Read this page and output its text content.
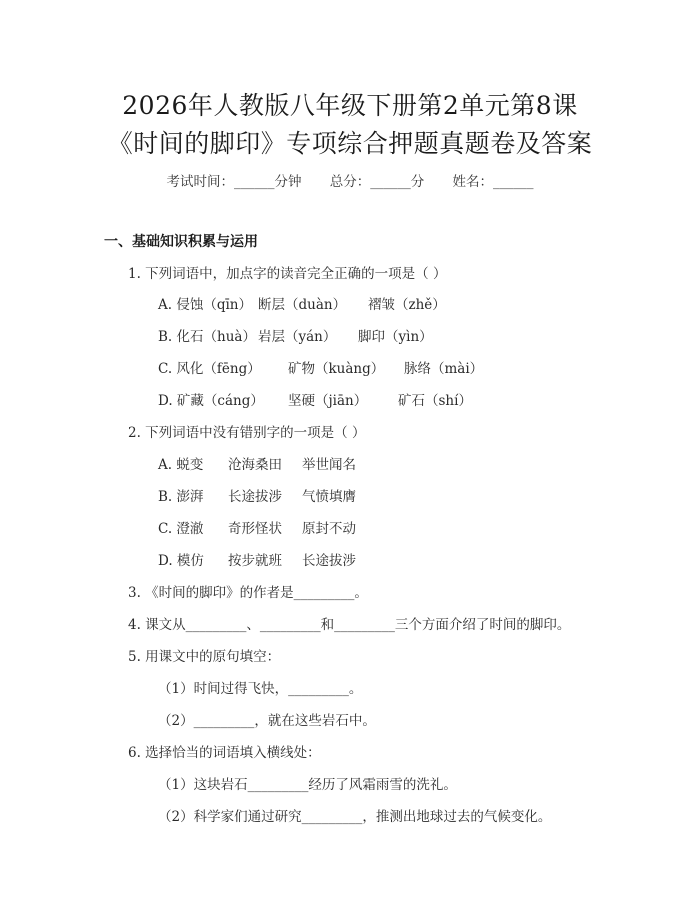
2026年人教版八年级下册第2单元第8课
《时间的脚印》专项综合押题真题卷及答案
考试时间：______分钟 总分：______分 姓名：______
一、基础知识积累与运用
1. 下列词语中，加点字的读音完全正确的一项是（ ）
A. 侵蚀（qīn） 断层（duàn） 褶皱（zhě）
B. 化石（huà） 岩层（yán） 脚印（yìn）
C. 风化（fēng） 矿物（kuàng） 脉络（mài）
D. 矿藏（cáng） 坚硬（jiān） 矿石（shí）
2. 下列词语中没有错别字的一项是（ ）
A. 蜕变 沧海桑田 举世闻名
B. 澎湃 长途拔涉 气愤填膺
C. 澄澈 奇形怪状 原封不动
D. 模仿 按步就班 长途拔涉
3. 《时间的脚印》的作者是_________。
4. 课文从_________、_________和_________三个方面介绍了时间的脚印。
5. 用课文中的原句填空：
（1）时间过得飞快，_________。
（2）_________，就在这些岩石中。
6. 选择恰当的词语填入横线处：
（1）这块岩石_________经历了风霜雨雪的洗礼。
（2）科学家们通过研究_________，推测出地球过去的气候变化。
